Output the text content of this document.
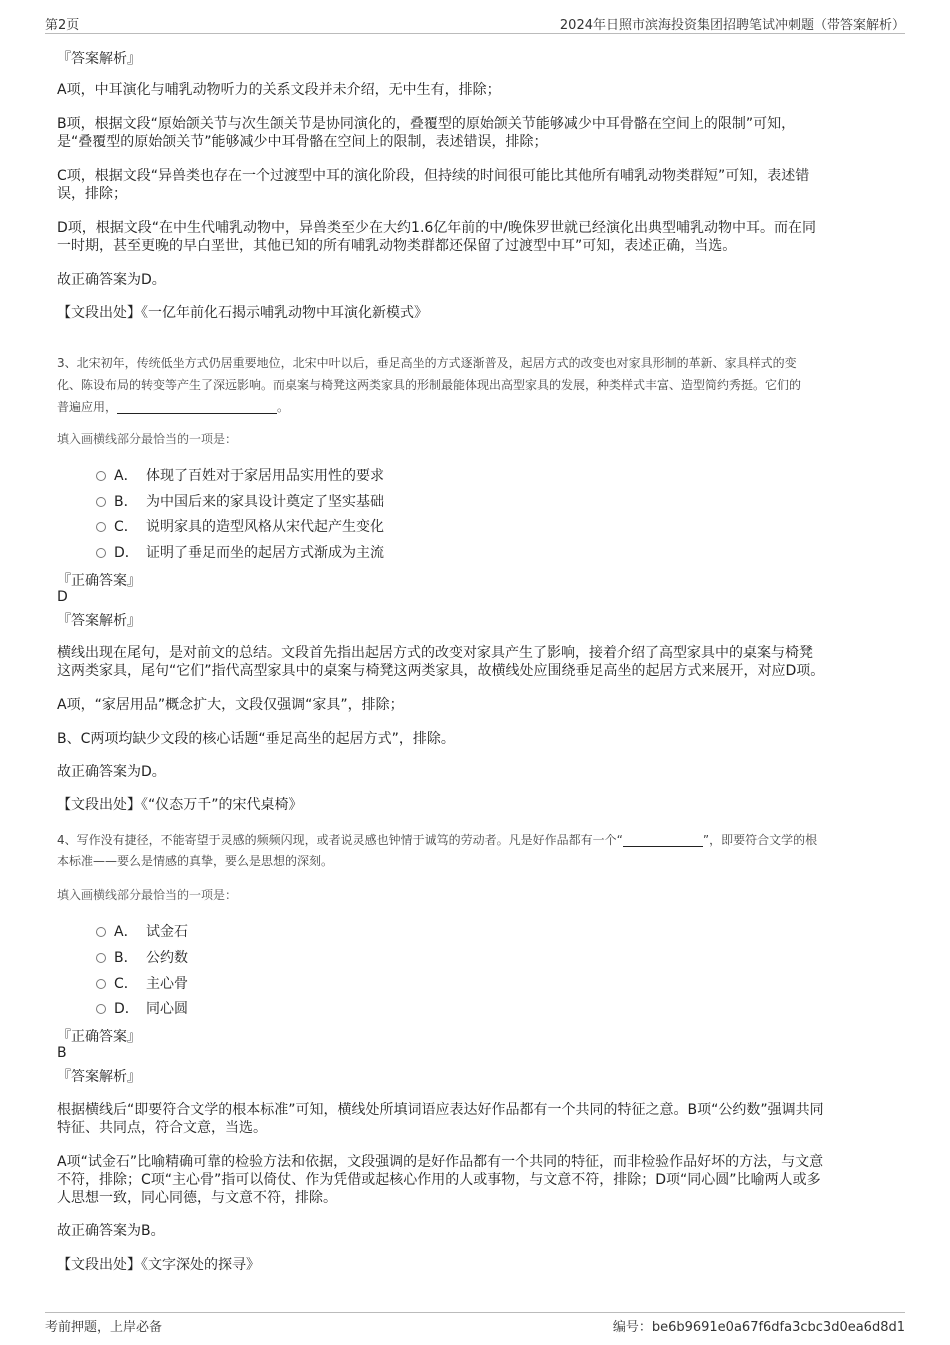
第2页	2024年日照市滨海投资集团招聘笔试冲刺题（带答案解析）
『答案解析』
A项，中耳演化与哺乳动物听力的关系文段并未介绍，无中生有，排除；
B项，根据文段“原始颌关节与次生颌关节是协同演化的，叠覆型的原始颌关节能够减少中耳骨骼在空间上的限制”可知，
是“叠覆型的原始颌关节”能够减少中耳骨骼在空间上的限制，表述错误，排除；
C项，根据文段“异兽类也存在一个过渡型中耳的演化阶段，但持续的时间很可能比其他所有哺乳动物类群短”可知，表述错
误，排除；
D项，根据文段“在中生代哺乳动物中，异兽类至少在大约1.6亿年前的中/晚侏罗世就已经演化出典型哺乳动物中耳。而在同
一时期，甚至更晚的早白垩世，其他已知的所有哺乳动物类群都还保留了过渡型中耳”可知，表述正确，当选。
故正确答案为D。
【文段出处】《一亿年前化石揭示哺乳动物中耳演化新模式》
3、北宋初年，传统低坐方式仍居重要地位，北宋中叶以后，垂足高坐的方式逐渐普及，起居方式的改变也对家具形制的革新、家具样式的变
化、陈设布局的转变等产生了深远影响。而桌案与椅凳这两类家具的形制最能体现出高型家具的发展，种类样式丰富、造型简约秀挺。它们的
普遍应用，	。
填入画横线部分最恰当的一项是：
A． 体现了百姓对于家居用品实用性的要求
B． 为中国后来的家具设计奠定了坚实基础
C． 说明家具的造型风格从宋代起产生变化
D． 证明了垂足而坐的起居方式渐成为主流
『正确答案』
D
『答案解析』
横线出现在尾句，是对前文的总结。文段首先指出起居方式的改变对家具产生了影响，接着介绍了高型家具中的桌案与椅凳
这两类家具，尾句“它们”指代高型家具中的桌案与椅凳这两类家具，故横线处应围绕垂足高坐的起居方式来展开，对应D项。
A项，“家居用品”概念扩大，文段仅强调“家具”，排除；
B、C两项均缺少文段的核心话题“垂足高坐的起居方式”，排除。
故正确答案为D。
【文段出处】《“仪态万千”的宋代桌椅》
4、写作没有捷径，不能寄望于灵感的频频闪现，或者说灵感也钟情于诚笃的劳动者。凡是好作品都有一个“	”，即要符合文学的根
本标准——要么是情感的真挚，要么是思想的深刻。
填入画横线部分最恰当的一项是：
A． 试金石
B． 公约数
C． 主心骨
D． 同心圆
『正确答案』
B
『答案解析』
根据横线后“即要符合文学的根本标准”可知，横线处所填词语应表达好作品都有一个共同的特征之意。B项“公约数”强调共同
特征、共同点，符合文意，当选。
A项“试金石”比喻精确可靠的检验方法和依据，文段强调的是好作品都有一个共同的特征，而非检验作品好坏的方法，与文意
不符，排除；C项“主心骨”指可以倚仗、作为凭借或起核心作用的人或事物，与文意不符，排除；D项“同心圆”比喻两人或多
人思想一致，同心同德，与文意不符，排除。
故正确答案为B。
【文段出处】《文字深处的探寻》
考前押题，上岸必备	编号：be6b9691e0a67f6dfa3cbc3d0ea6d8d1
